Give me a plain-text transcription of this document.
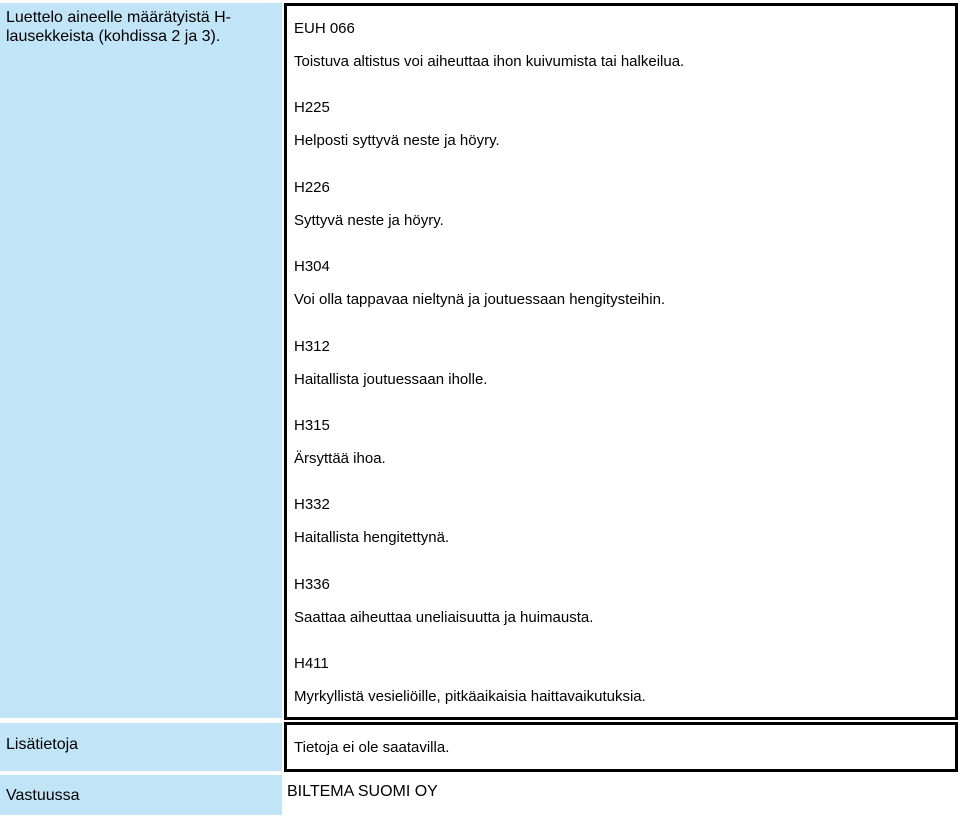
Luettelo aineelle määrätyistä H-lausekkeista (kohdissa 2 ja 3).	EUH 066
Toistuva altistus voi aiheuttaa ihon kuivumista tai halkeilua.
H225
Helposti syttyvä neste ja höyry.
H226
Syttyvä neste ja höyry.
H304
Voi olla tappavaa nieltynä ja joutuessaan hengitysteihin.
H312
Haitallista joutuessaan iholle.
H315
Ärsyttää ihoa.
H332
Haitallista hengitettynä.
H336
Saattaa aiheuttaa uneliaisuutta ja huimausta.
H411
Myrkyllistä vesieliöille, pitkäaikaisia haittavaikutuksia.
Lisätietoja	Tietoja ei ole saatavilla.
Vastuussa	BILTEMA SUOMI OY
